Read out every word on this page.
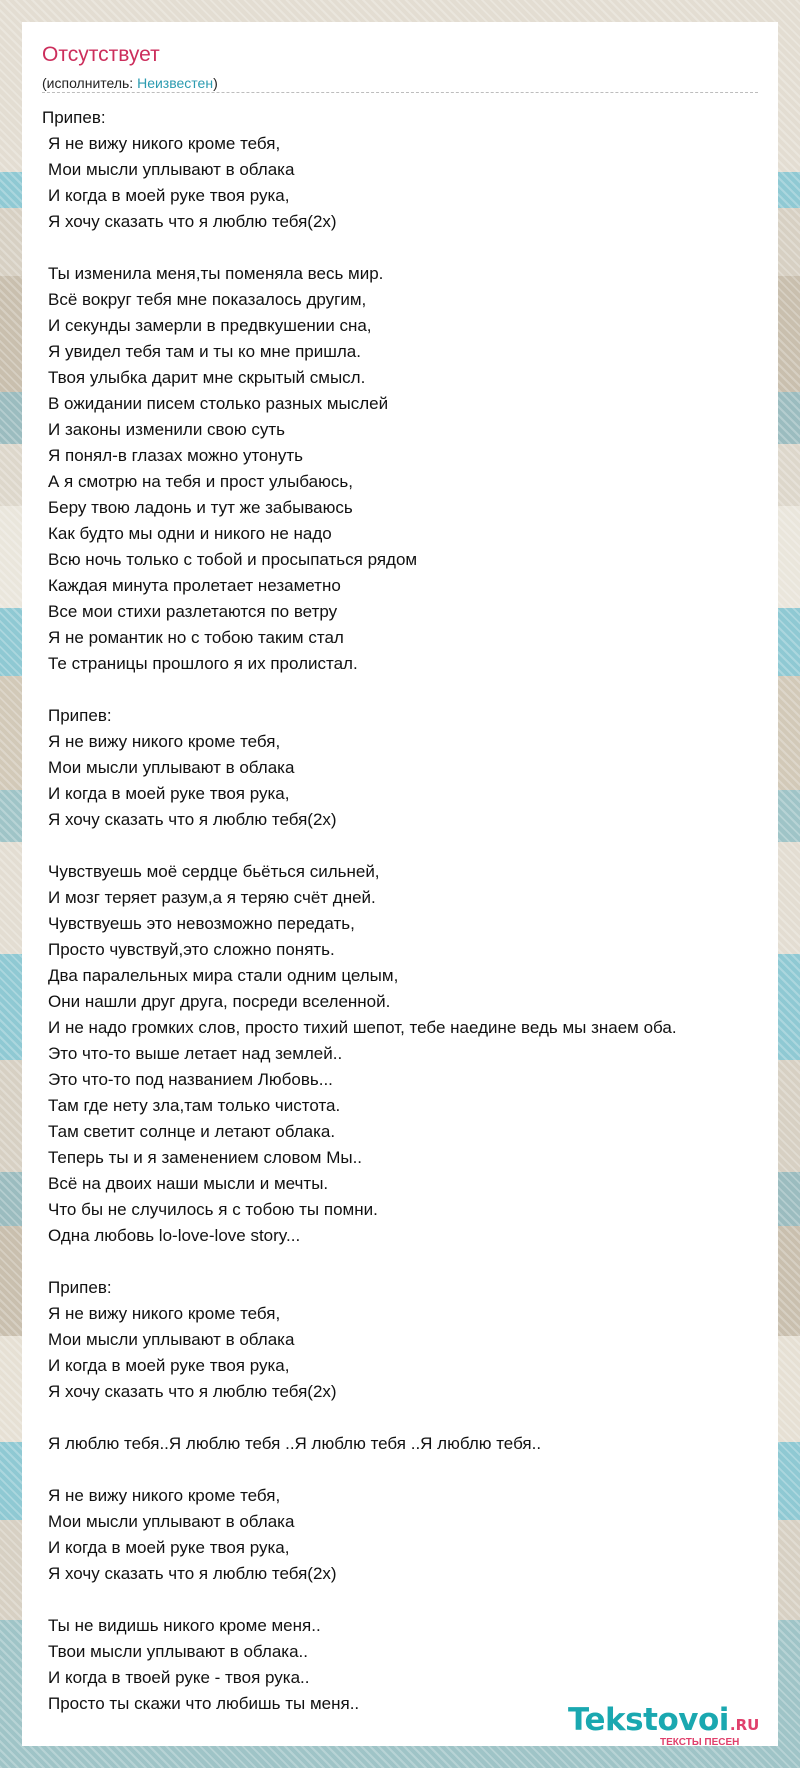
Отсутствует
(исполнитель: Неизвестен)
Припев:
Я не вижу никого кроме тебя,
Мои мысли уплывают в облака
И когда в моей руке твоя рука,
Я хочу сказать что я люблю тебя(2х)
Ты изменила меня,ты поменяла весь мир.
Всё вокруг тебя мне показалось другим,
И секунды замерли в предвкушении сна,
Я увидел тебя там и ты ко мне пришла.
Твоя улыбка дарит мне скрытый смысл.
В ожидании писем столько разных мыслей
И законы изменили свою суть
Я понял-в глазах можно утонуть
А я смотрю на тебя и прост улыбаюсь,
Беру твою ладонь и тут же забываюсь
Как будто мы одни и никого не надо
Всю ночь только с тобой и просыпаться рядом
Каждая минута пролетает незаметно
Все мои стихи разлетаются по ветру
Я не романтик но с тобою таким стал
Те страницы прошлого я их пролистал.
Припев:
Я не вижу никого кроме тебя,
Мои мысли уплывают в облака
И когда в моей руке твоя рука,
Я хочу сказать что я люблю тебя(2х)
Чувствуешь моё сердце бьёться сильней,
И мозг теряет разум,а я теряю счёт дней.
Чувствуешь это невозможно передать,
Просто чувствуй,это сложно понять.
Два паралельных мира стали одним целым,
Они нашли друг друга, посреди вселенной.
И не надо громких слов, просто тихий шепот, тебе наедине ведь мы знаем оба.
Это что-то выше летает над землей..
Это что-то под названием Любовь...
Там где нету зла,там только чистота.
Там светит солнце и летают облака.
Теперь ты и я заменением словом Мы..
Всё на двоих наши мысли и мечты.
Что бы не случилось я с тобою ты помни.
Одна любовь lo-love-love story...
Припев:
Я не вижу никого кроме тебя,
Мои мысли уплывают в облака
И когда в моей руке твоя рука,
Я хочу сказать что я люблю тебя(2х)
Я люблю тебя..Я люблю тебя ..Я люблю тебя ..Я люблю тебя..
Я не вижу никого кроме тебя,
Мои мысли уплывают в облака
И когда в моей руке твоя рука,
Я хочу сказать что я люблю тебя(2х)
Ты не видишь никого кроме меня..
Твои мысли уплывают в облака..
И когда в твоей руке - твоя рука..
Просто ты скажи что любишь ты меня..	Tekstovoi.RU
ТЕКСТЫ ПЕСЕН
